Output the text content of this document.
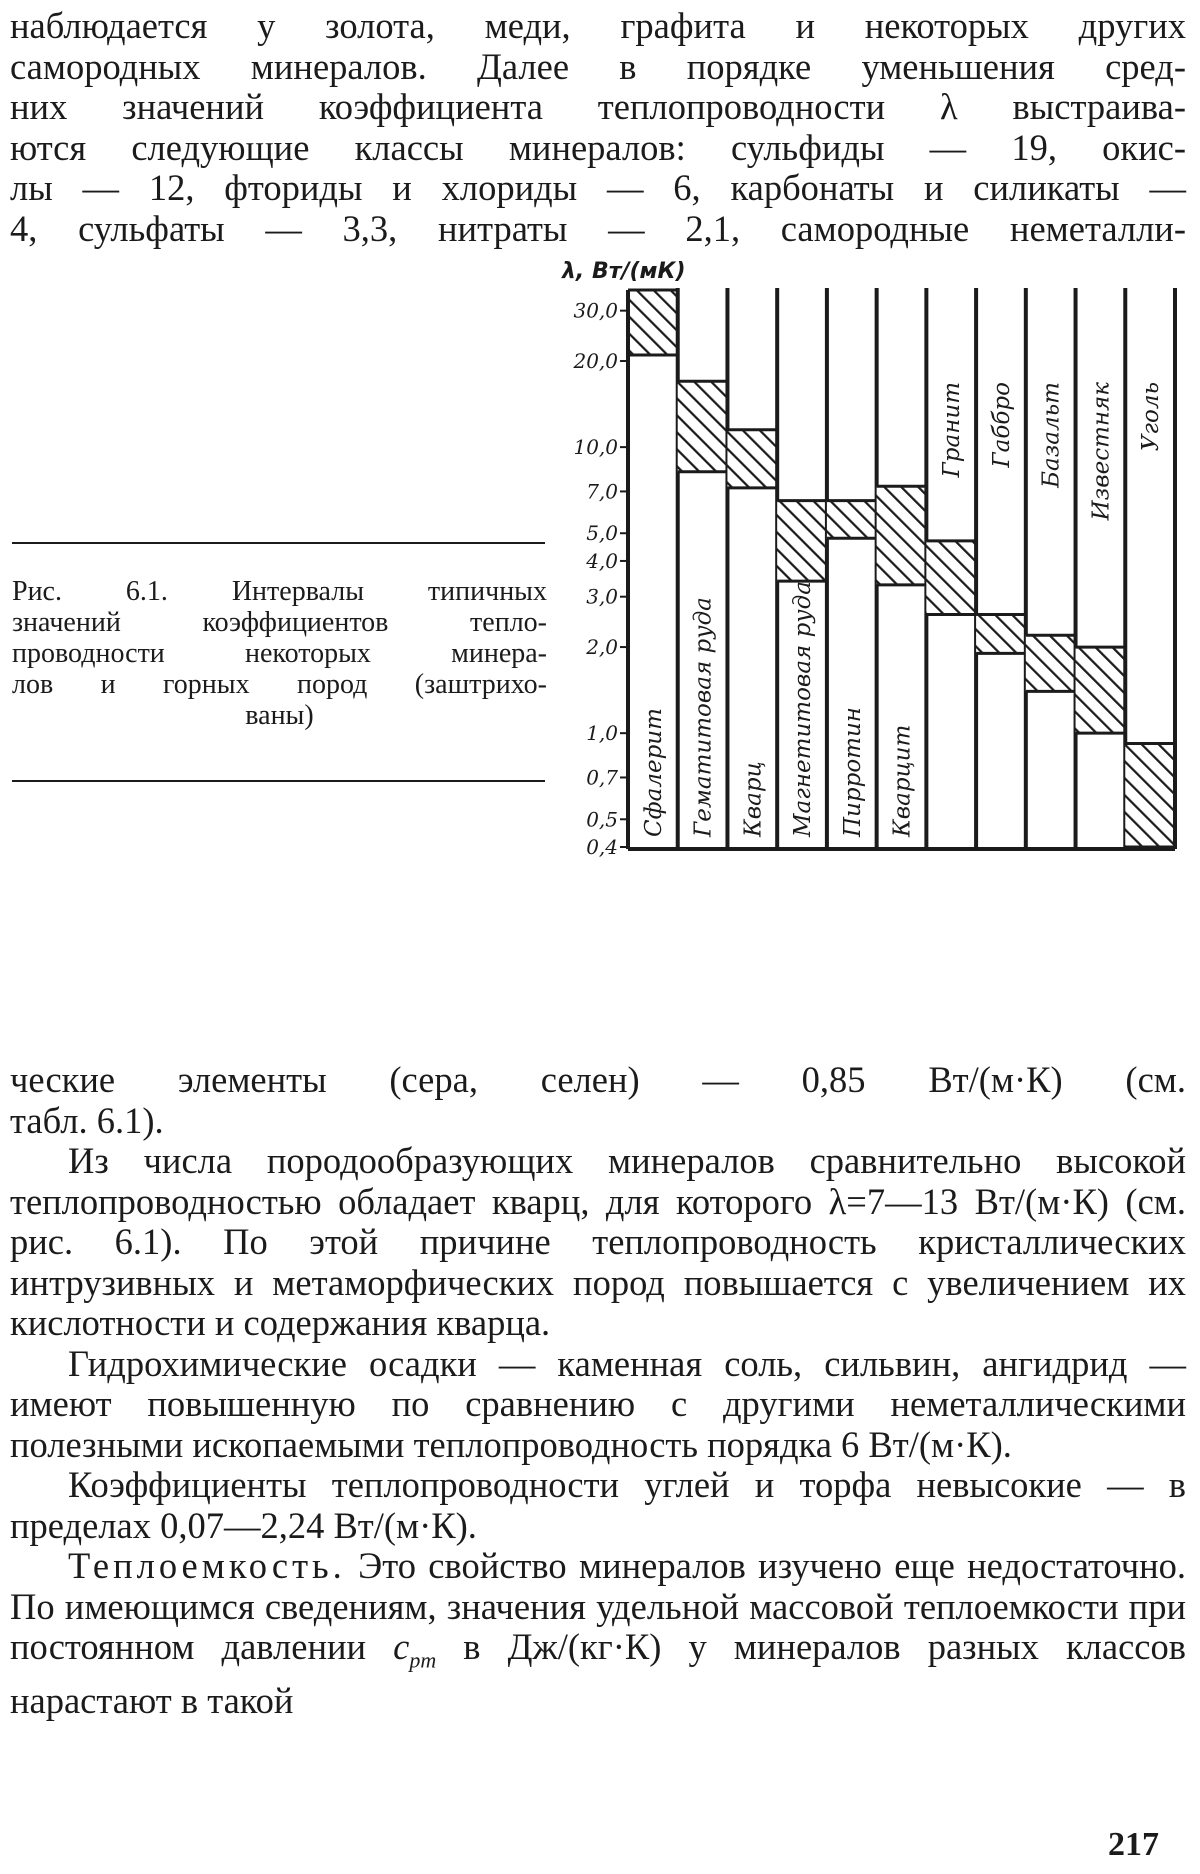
наблюдается у золота, меди, графита и некоторых других

самородных минералов. Далее в порядке уменьшения сред-

них значений коэффициента теплопроводности λ выстраива-

ются следующие классы минералов: сульфиды — 19, окис-

лы — 12, фториды и хлориды — 6, карбонаты и силикаты —

4, сульфаты — 3,3, нитраты — 2,1, самородные неметалли-

Рис. 6.1. Интервалы типичных
значений коэффициентов тепло-
проводности некоторых минера-
лов и горных пород (заштрихо-
ваны)
0,4
0,5
0,7
1,0
2,0
3,0
4,0
5,0
7,0
10,0
20,0
30,0
λ, Вт/(мК)
Сфалерит Гематитовая руда Кварц Магнетитовая руда Пирротин Кварцит
Гранит Габбро Базальт Известняк Уголь

ческие элементы (сера, селен) — 0,85 Вт/(м·К) (см.

табл. 6.1).

Из числа породообразующих минералов сравнительно высокой теплопроводностью обладает кварц, для которого λ=7—13 Вт/(м·К) (см. рис. 6.1). По этой причине теплопроводность кристаллических интрузивных и метаморфических пород повышается с увеличением их кислотности и содержания кварца.

Гидрохимические осадки — каменная соль, сильвин, ангидрид — имеют повышенную по сравнению с другими неметаллическими полезными ископаемыми теплопроводность порядка 6 Вт/(м·К).

Коэффициенты теплопроводности углей и торфа невысокие — в пределах 0,07—2,24 Вт/(м·К).

Теплоемкость. Это свойство минералов изучено еще недостаточно. По имеющимся сведениям, значения удельной массовой теплоемкости при постоянном давлении cpm в Дж/(кг·К) у минералов разных классов нарастают в такой

217
